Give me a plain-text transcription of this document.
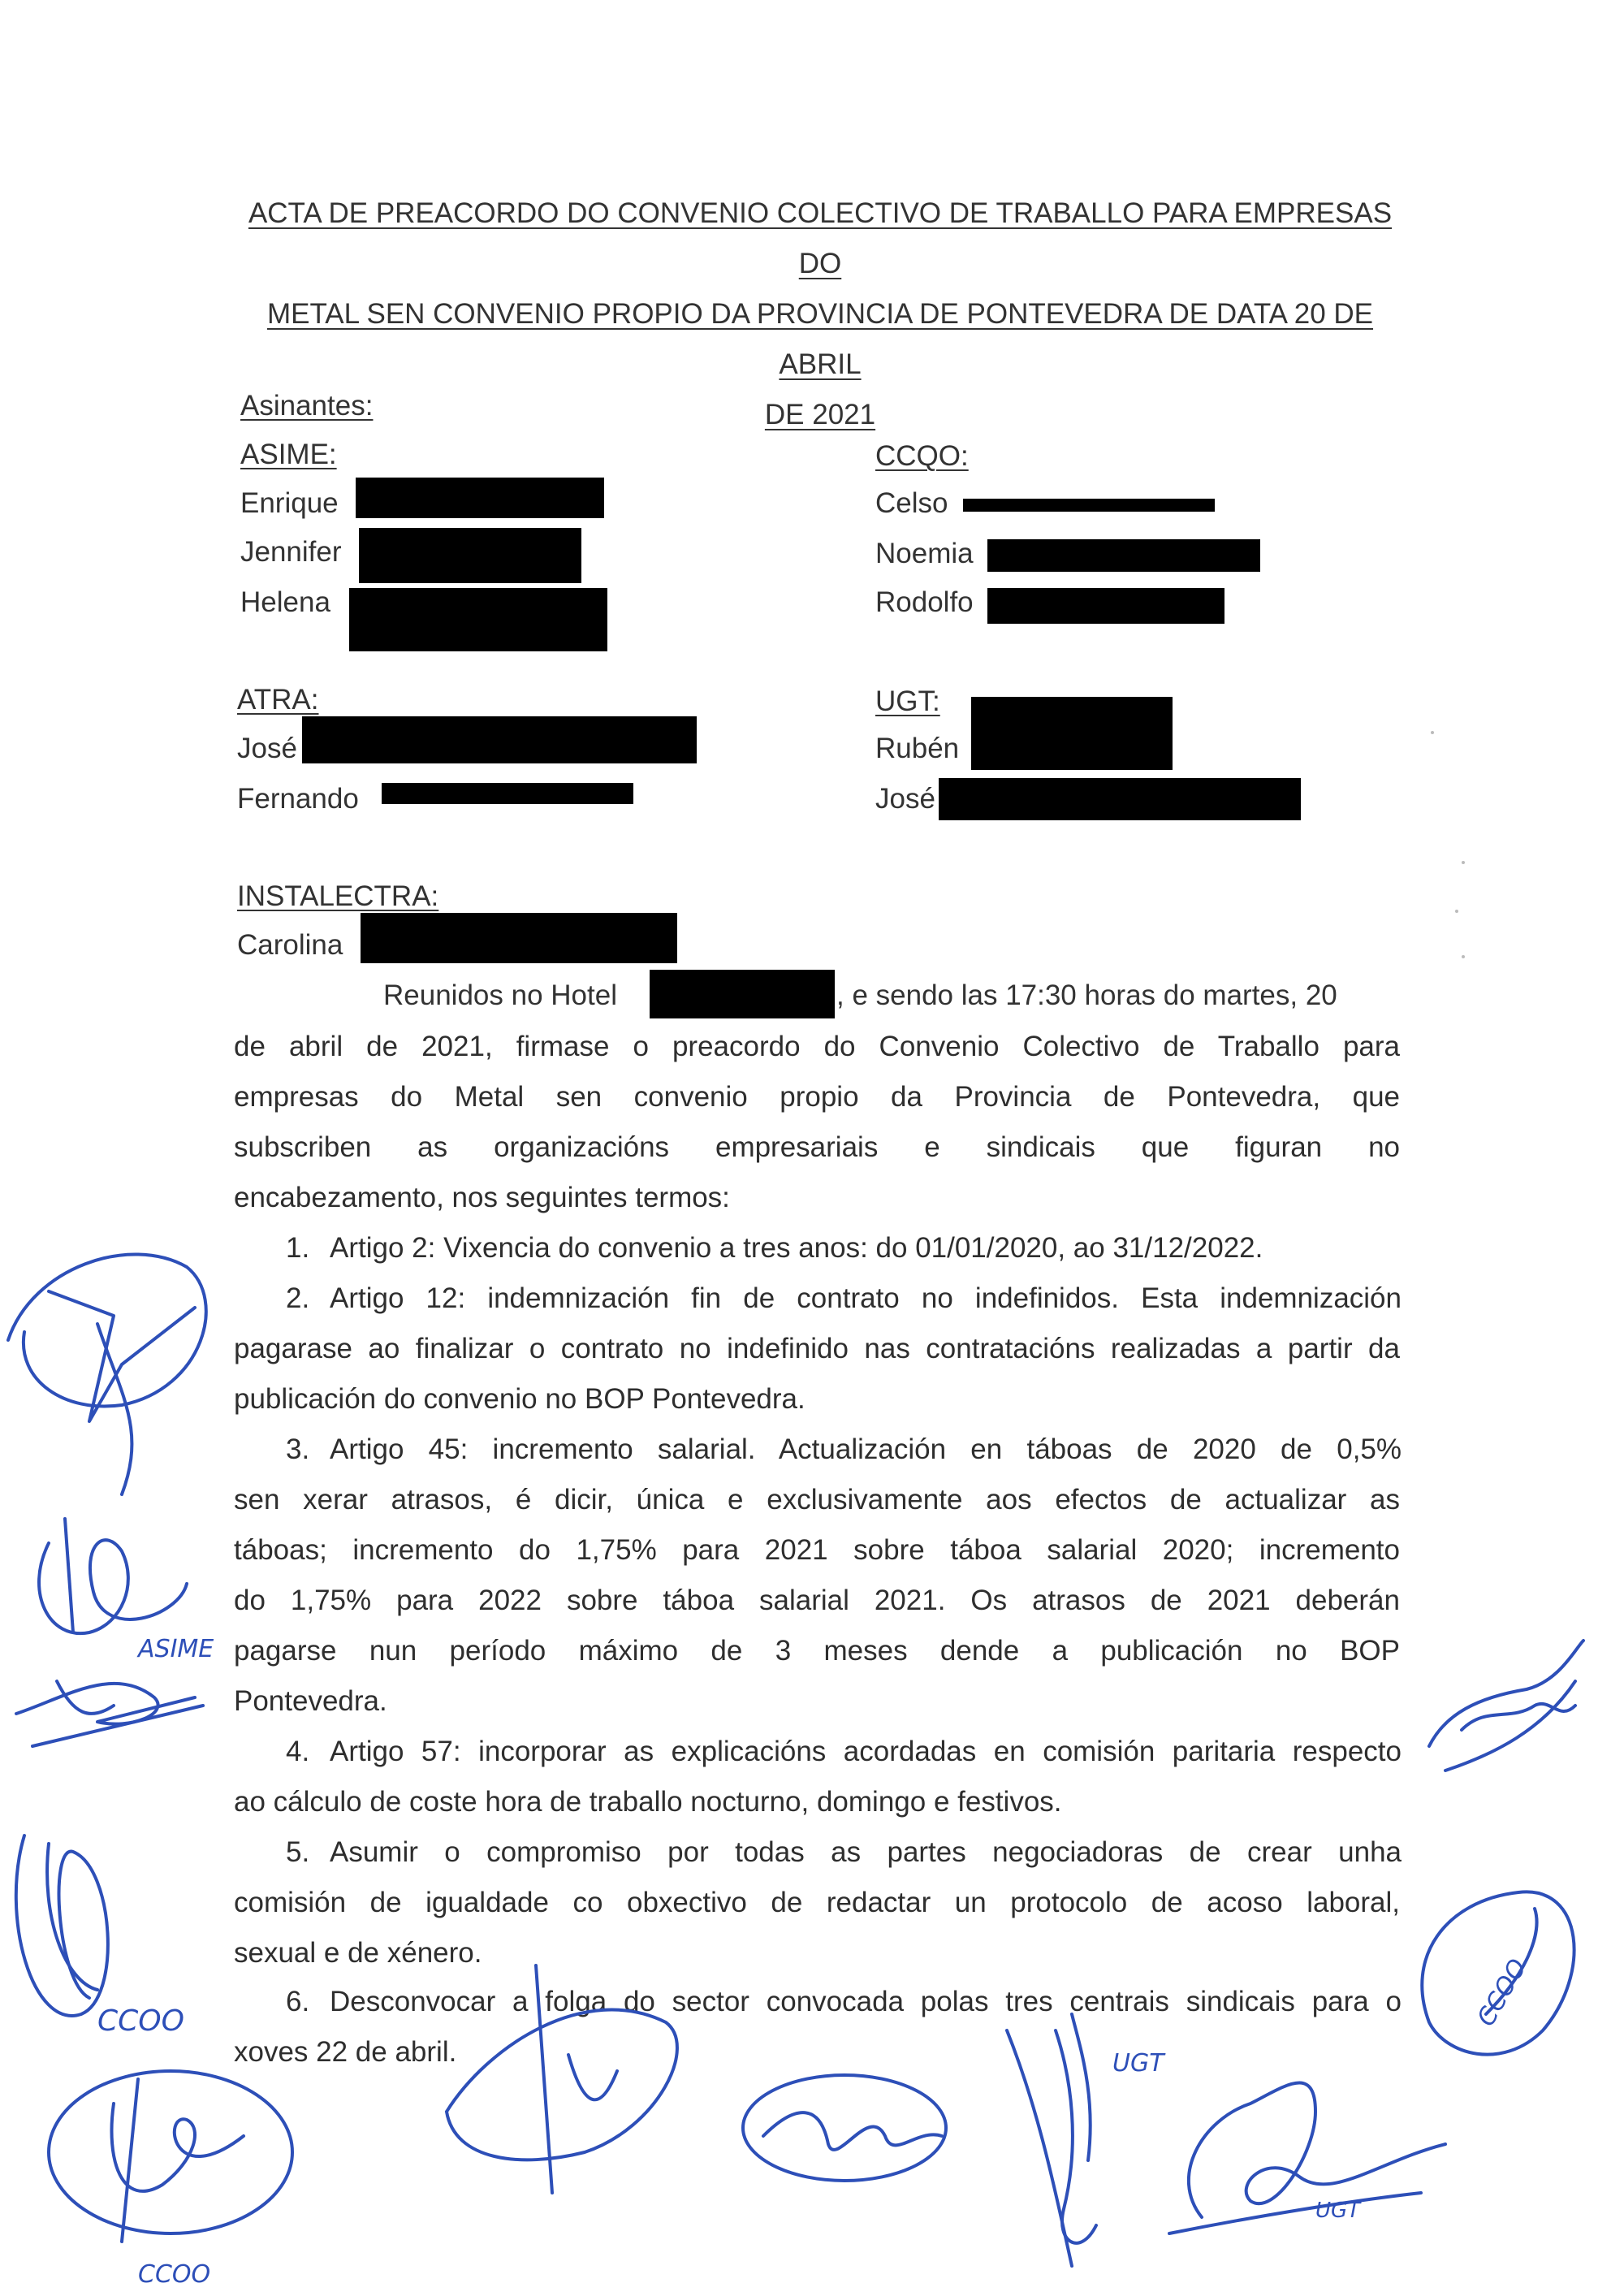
ACTA DE PREACORDO DO CONVENIO COLECTIVO DE TRABALLO PARA EMPRESAS DO
METAL SEN CONVENIO PROPIO DA PROVINCIA DE PONTEVEDRA DE DATA 20 DE ABRIL
DE 2021
Asinantes:
ASIME:
Enrique
Jennifer
Helena
CCQO:
Celso
Noemia
Rodolfo
ATRA:
José
Fernando
UGT:
Rubén
José
INSTALECTRA:
Carolina
Reunidos no Hotel	, e sendo las 17:30 horas do martes, 20
de abril de 2021, firmase o preacordo do Convenio Colectivo de Traballo para
empresas do Metal sen convenio propio da Provincia de Pontevedra, que
subscriben as organizacións empresariais e sindicais que figuran no
encabezamento, nos seguintes termos:
1. Artigo 2: Vixencia do convenio a tres anos: do 01/01/2020, ao 31/12/2022.
2. Artigo 12: indemnización fin de contrato no indefinidos. Esta indemnización
pagarase ao finalizar o contrato no indefinido nas contratacións realizadas a partir da
publicación do convenio no BOP Pontevedra.
3. Artigo 45: incremento salarial. Actualización en táboas de 2020 de 0,5%
sen xerar atrasos, é dicir, única e exclusivamente aos efectos de actualizar as
táboas; incremento do 1,75% para 2021 sobre táboa salarial 2020; incremento
do 1,75% para 2022 sobre táboa salarial 2021. Os atrasos de 2021 deberán
pagarse nun período máximo de 3 meses dende a publicación no BOP
Pontevedra.
4. Artigo 57: incorporar as explicacións acordadas en comisión paritaria respecto
ao cálculo de coste hora de traballo nocturno, domingo e festivos.
5. Asumir o compromiso por todas as partes negociadoras de crear unha
comisión de igualdade co obxectivo de redactar un protocolo de acoso laboral,
sexual e de xénero.
6. Desconvocar a folga do sector convocada polas tres centrais sindicais para o
xoves 22 de abril.
ASIME
CCOO
CCOO
UGT
UGT
CCOO
